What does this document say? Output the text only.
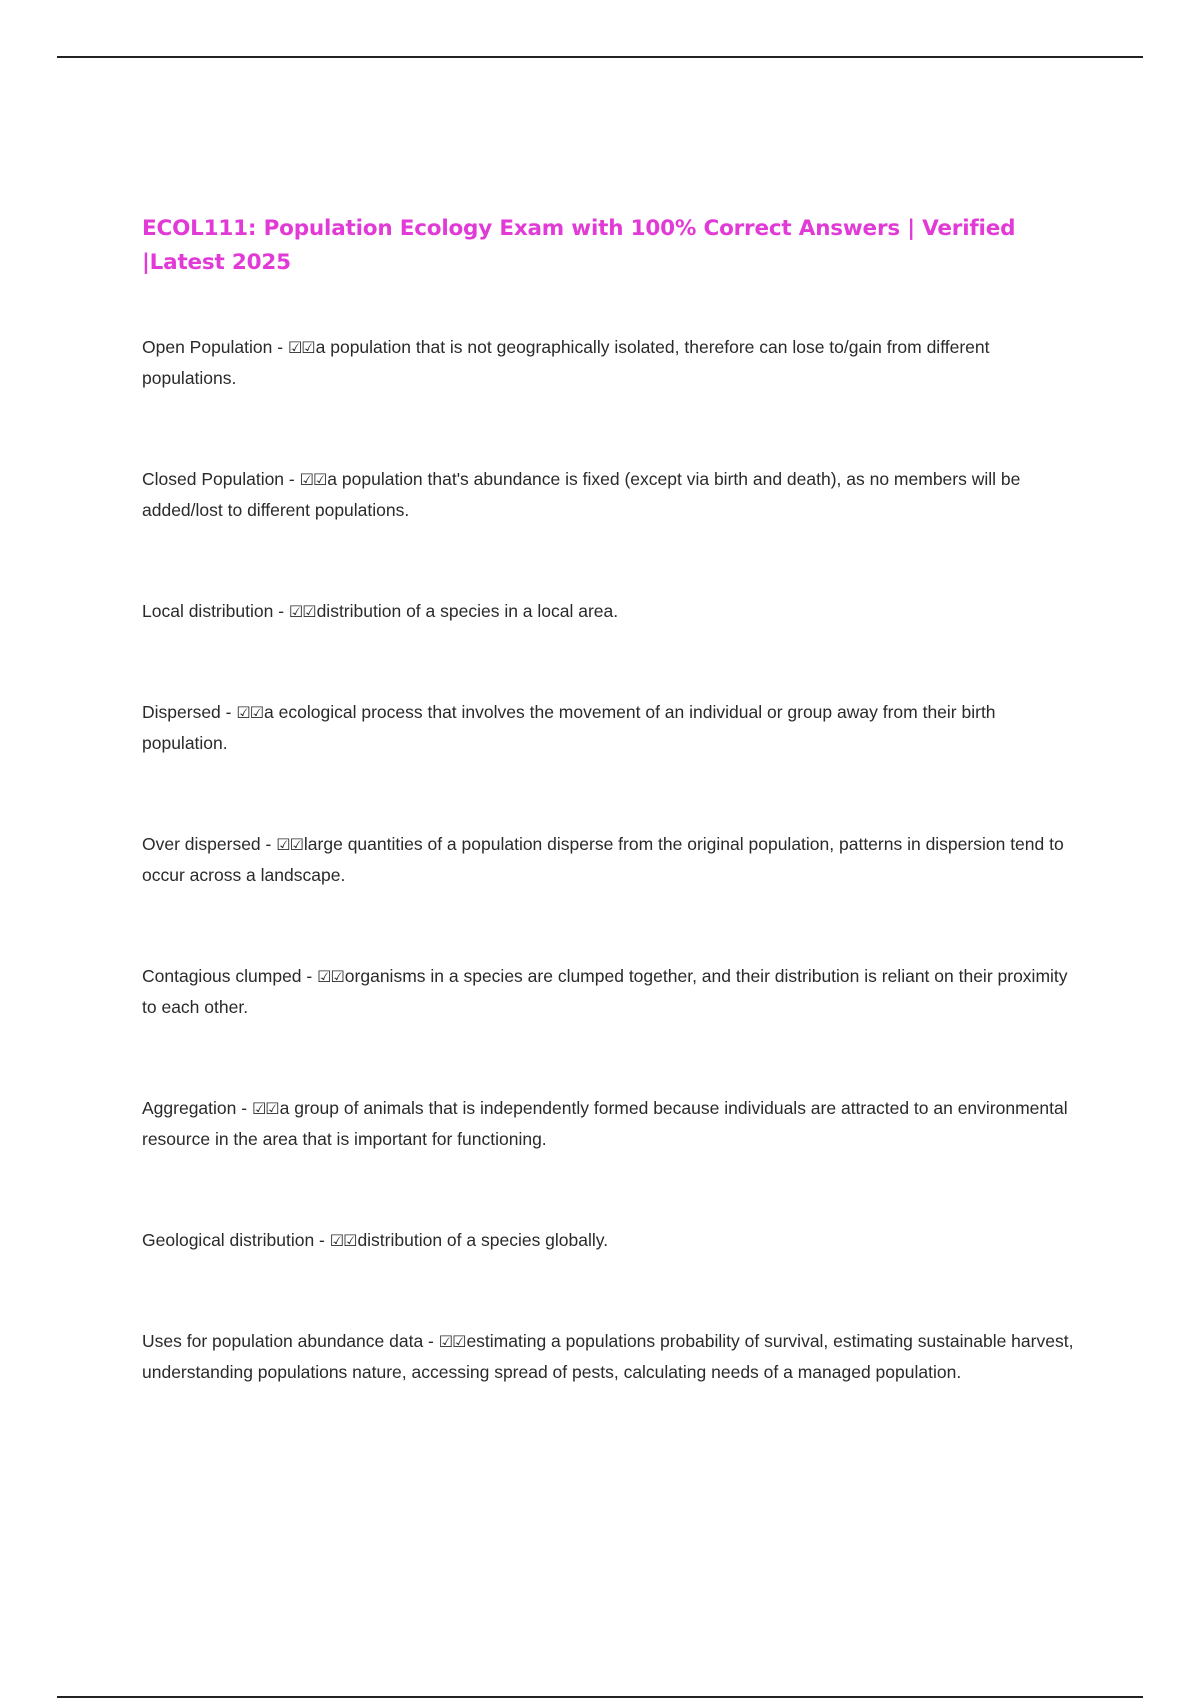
ECOL111: Population Ecology Exam with 100% Correct Answers | Verified |Latest 2025

Open Population - ☑☑a population that is not geographically isolated, therefore can lose to/gain from different populations.

Closed Population - ☑☑a population that's abundance is fixed (except via birth and death), as no members will be added/lost to different populations.

Local distribution - ☑☑distribution of a species in a local area.

Dispersed - ☑☑a ecological process that involves the movement of an individual or group away from their birth population.

Over dispersed - ☑☑large quantities of a population disperse from the original population, patterns in dispersion tend to occur across a landscape.

Contagious clumped - ☑☑organisms in a species are clumped together, and their distribution is reliant on their proximity to each other.

Aggregation - ☑☑a group of animals that is independently formed because individuals are attracted to an environmental resource in the area that is important for functioning.

Geological distribution - ☑☑distribution of a species globally.

Uses for population abundance data - ☑☑estimating a populations probability of survival, estimating sustainable harvest, understanding populations nature, accessing spread of pests, calculating needs of a managed population.
